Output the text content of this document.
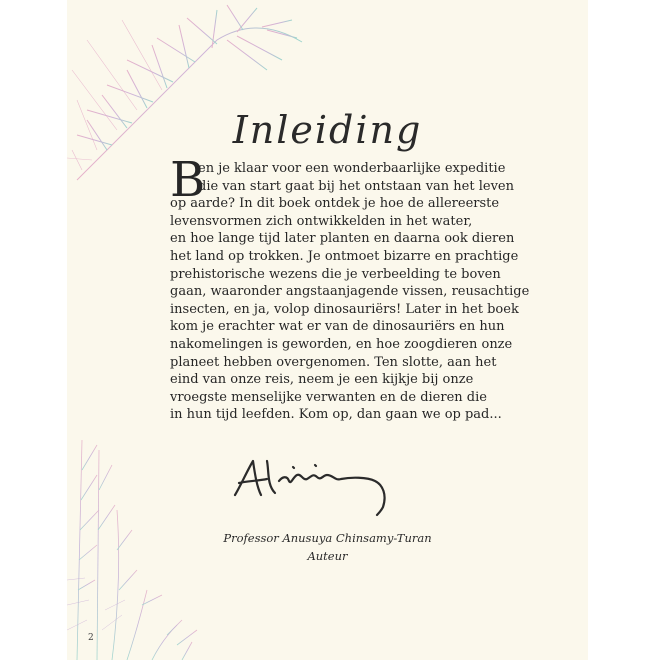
Inleiding
B
en je klaar voor een wonderbaarlijke expeditie
die van start gaat bij het ontstaan van het leven
op aarde? In dit boek ontdek je hoe de allereerste
levensvormen zich ontwikkelden in het water,
en hoe lange tijd later planten en daarna ook dieren
het land op trokken. Je ontmoet bizarre en prachtige
prehistorische wezens die je verbeelding te boven
gaan, waaronder angstaanjagende vissen, reusachtige
insecten, en ja, volop dinosauriërs! Later in het boek
kom je erachter wat er van de dinosauriërs en hun
nakomelingen is geworden, en hoe zoogdieren onze
planeet hebben overgenomen. Ten slotte, aan het
eind van onze reis, neem je een kijkje bij onze
vroegste menselijke verwanten en de dieren die
in hun tijd leefden. Kom op, dan gaan we op pad...
Professor Anusuya Chinsamy-Turan
Auteur
2
